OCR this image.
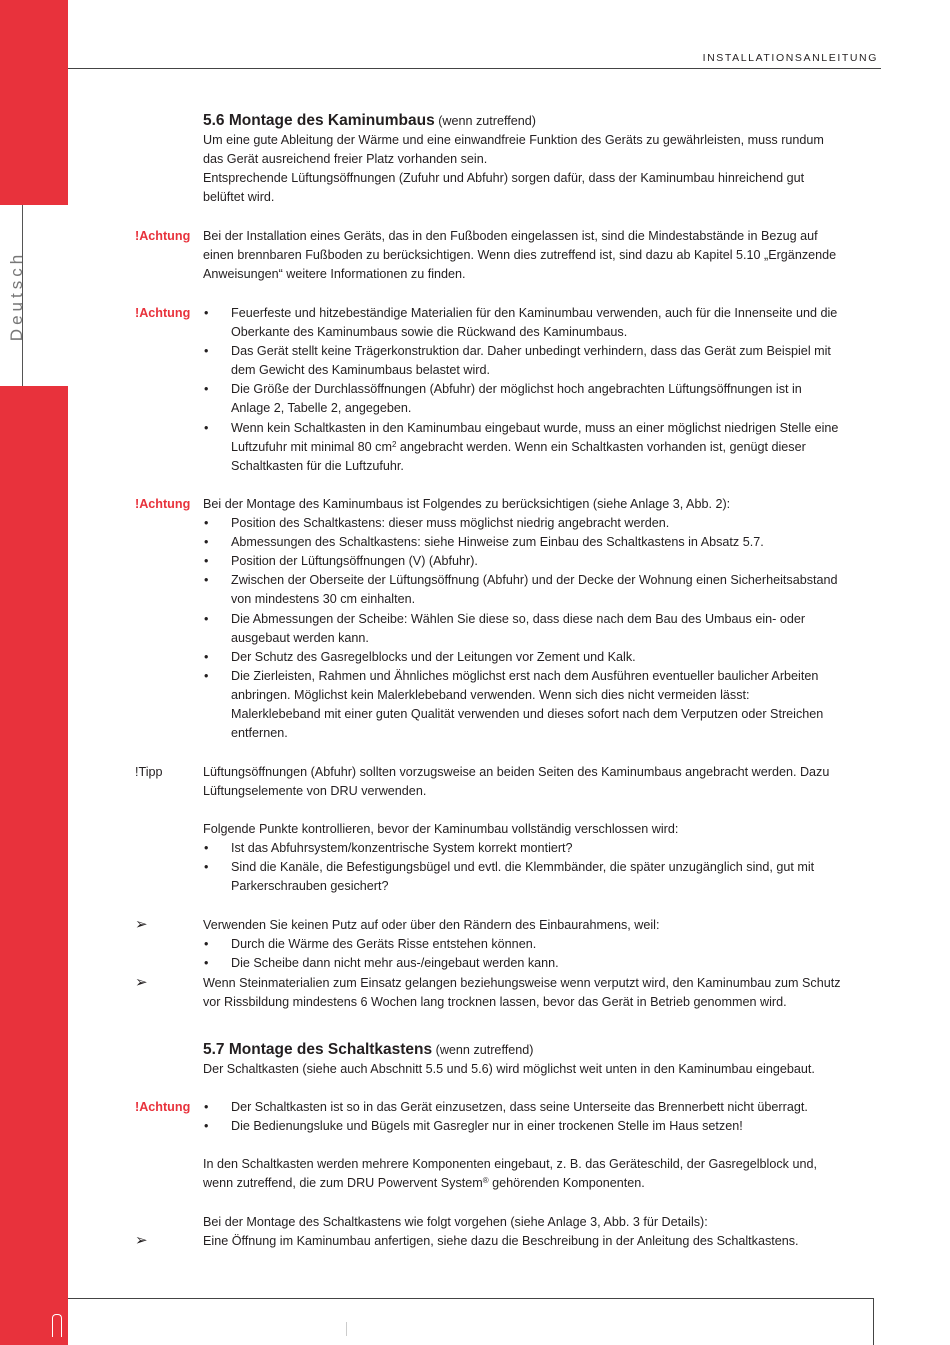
Deutsch
INSTALLATIONSANLEITUNG
5.6 Montage des Kaminumbaus (wenn zutreffend)
Um eine gute Ableitung der Wärme und eine einwandfreie Funktion des Geräts zu gewährleisten, muss rundum
das Gerät ausreichend freier Platz vorhanden sein.
Entsprechende Lüftungsöffnungen (Zufuhr und Abfuhr) sorgen dafür, dass der Kaminumbau hinreichend gut
belüftet wird.
!Achtung Bei der Installation eines Geräts, das in den Fußboden eingelassen ist, sind die Mindestabstände in Bezug auf
einen brennbaren Fußboden zu berücksichtigen. Wenn dies zutreffend ist, sind dazu ab Kapitel 5.10 „Ergänzende
Anweisungen“ weitere Informationen zu finden.
!Achtung	• Feuerfeste und hitzebeständige Materialien für den Kaminumbau verwenden, auch für die Innenseite und die
Oberkante des Kaminumbaus sowie die Rückwand des Kaminumbaus.
• Das Gerät stellt keine Trägerkonstruktion dar. Daher unbedingt verhindern, dass das Gerät zum Beispiel mit
dem Gewicht des Kaminumbaus belastet wird.
• Die Größe der Durchlassöffnungen (Abfuhr) der möglichst hoch angebrachten Lüftungsöffnungen ist in
Anlage 2, Tabelle 2, angegeben.
• Wenn kein Schaltkasten in den Kaminumbau eingebaut wurde, muss an einer möglichst niedrigen Stelle eine
Luftzufuhr mit minimal 80 $cm^2$ angebracht werden. Wenn ein Schaltkasten vorhanden ist, genügt dieser
Schaltkasten für die Luftzufuhr.
!Achtung Bei der Montage des Kaminumbaus ist Folgendes zu berücksichtigen (siehe Anlage 3, Abb. 2):
• Position des Schaltkastens: dieser muss möglichst niedrig angebracht werden.
• Abmessungen des Schaltkastens: siehe Hinweise zum Einbau des Schaltkastens in Absatz 5.7.
• Position der Lüftungsöffnungen (V) (Abfuhr).
• Zwischen der Oberseite der Lüftungsöffnung (Abfuhr) und der Decke der Wohnung einen Sicherheitsabstand
von mindestens 30 cm einhalten.
• Die Abmessungen der Scheibe: Wählen Sie diese so, dass diese nach dem Bau des Umbaus ein- oder
ausgebaut werden kann.
• Der Schutz des Gasregelblocks und der Leitungen vor Zement und Kalk.
• Die Zierleisten, Rahmen und Ähnliches möglichst erst nach dem Ausführen eventueller baulicher Arbeiten
anbringen. Möglichst kein Malerklebeband verwenden. Wenn sich dies nicht vermeiden lässt:
Malerklebeband mit einer guten Qualität verwenden und dieses sofort nach dem Verputzen oder Streichen
entfernen.
!Tipp	Lüftungsöffnungen (Abfuhr) sollten vorzugsweise an beiden Seiten des Kaminumbaus angebracht werden. Dazu
Lüftungselemente von DRU verwenden.
Folgende Punkte kontrollieren, bevor der Kaminumbau vollständig verschlossen wird:
• Ist das Abfuhrsystem/konzentrische System korrekt montiert?
• Sind die Kanäle, die Befestigungsbügel und evtl. die Klemmbänder, die später unzugänglich sind, gut mit
Parkerschrauben gesichert?
➢	Verwenden Sie keinen Putz auf oder über den Rändern des Einbaurahmens, weil:
• Durch die Wärme des Geräts Risse entstehen können.
• Die Scheibe dann nicht mehr aus-/eingebaut werden kann.
➢	Wenn Steinmaterialien zum Einsatz gelangen beziehungsweise wenn verputzt wird, den Kaminumbau zum Schutz
vor Rissbildung mindestens 6 Wochen lang trocknen lassen, bevor das Gerät in Betrieb genommen wird.
5.7 Montage des Schaltkastens (wenn zutreffend)
Der Schaltkasten (siehe auch Abschnitt 5.5 und 5.6) wird möglichst weit unten in den Kaminumbau eingebaut.
!Achtung	• Der Schaltkasten ist so in das Gerät einzusetzen, dass seine Unterseite das Brennerbett nicht überragt.
• Die Bedienungsluke und Bügels mit Gasregler nur in einer trockenen Stelle im Haus setzen!
In den Schaltkasten werden mehrere Komponenten eingebaut, z. B. das Geräteschild, der Gasregelblock und,
wenn zutreffend, die zum DRU Powervent System® gehörenden Komponenten.
Bei der Montage des Schaltkastens wie folgt vorgehen (siehe Anlage 3, Abb. 3 für Details):
➢	Eine Öffnung im Kaminumbau anfertigen, siehe dazu die Beschreibung in der Anleitung des Schaltkastens.
